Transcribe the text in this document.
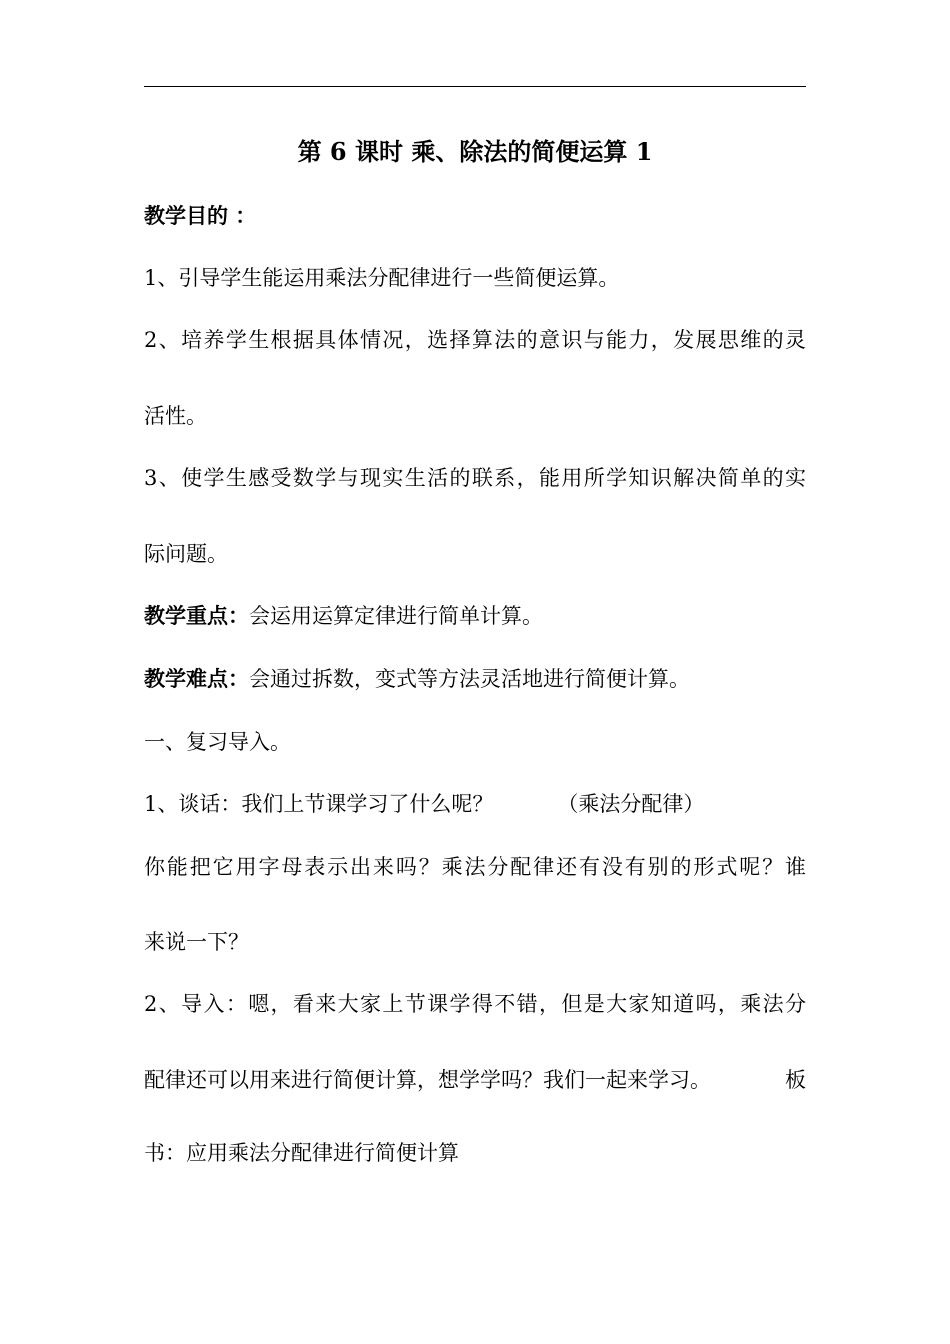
第 6 课时 乘、除法的简便运算 1
教学目的 ：
1、引导学生能运用乘法分配律进行一些简便运算。
2、培养学生根据具体情况，选择算法的意识与能力，发展思维的灵
活性。
3、使学生感受数学与现实生活的联系，能用所学知识解决简单的实
际问题。
教学重点：会运用运算定律进行简单计算。
教学难点：会通过拆数，变式等方法灵活地进行简便计算。
一、复习导入。
1、谈话：我们上节课学习了什么呢？	（乘法分配律）
你能把它用字母表示出来吗？乘法分配律还有没有别的形式呢？谁
来说一下？
2、导入：嗯，看来大家上节课学得不错，但是大家知道吗，乘法分
配律还可以用来进行简便计算，想学学吗？我们一起来学习。	板
书：应用乘法分配律进行简便计算
